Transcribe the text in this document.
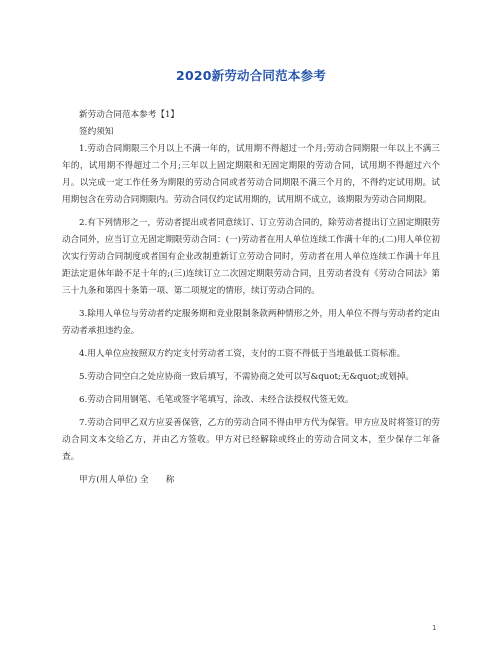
2020新劳动合同范本参考

新劳动合同范本参考【1】

签约须知

1.劳动合同期限三个月以上不满一年的，试用期不得超过一个月;劳动合同期限一年以上不满三年的，试用期不得超过二个月;三年以上固定期限和无固定期限的劳动合同，试用期不得超过六个月。以完成一定工作任务为期限的劳动合同或者劳动合同期限不满三个月的，不得约定试用期。试用期包含在劳动合同期限内。劳动合同仅约定试用期的，试用期不成立，该期限为劳动合同期限。

2.有下列情形之一，劳动者提出或者同意续订、订立劳动合同的，除劳动者提出订立固定期限劳动合同外，应当订立无固定期限劳动合同：(一)劳动者在用人单位连续工作满十年的;(二)用人单位初次实行劳动合同制度或者国有企业改制重新订立劳动合同时，劳动者在用人单位连续工作满十年且距法定退休年龄不足十年的;(三)连续订立二次固定期限劳动合同，且劳动者没有《劳动合同法》第三十九条和第四十条第一项、第二项规定的情形，续订劳动合同的。

3.除用人单位与劳动者约定服务期和竞业限制条款两种情形之外，用人单位不得与劳动者约定由劳动者承担违约金。

4.用人单位应按照双方约定支付劳动者工资，支付的工资不得低于当地最低工资标准。

5.劳动合同空白之处应协商一致后填写，不需协商之处可以写&quot;无&quot;或划掉。

6.劳动合同用钢笔、毛笔或签字笔填写，涂改、未经合法授权代签无效。

7.劳动合同甲乙双方应妥善保管，乙方的劳动合同不得由甲方代为保管。甲方应及时将签订的劳动合同文本交给乙方，并由乙方签收。甲方对已经解除或终止的劳动合同文本，至少保存二年备查。

甲方(用人单位) 全　　称

1
